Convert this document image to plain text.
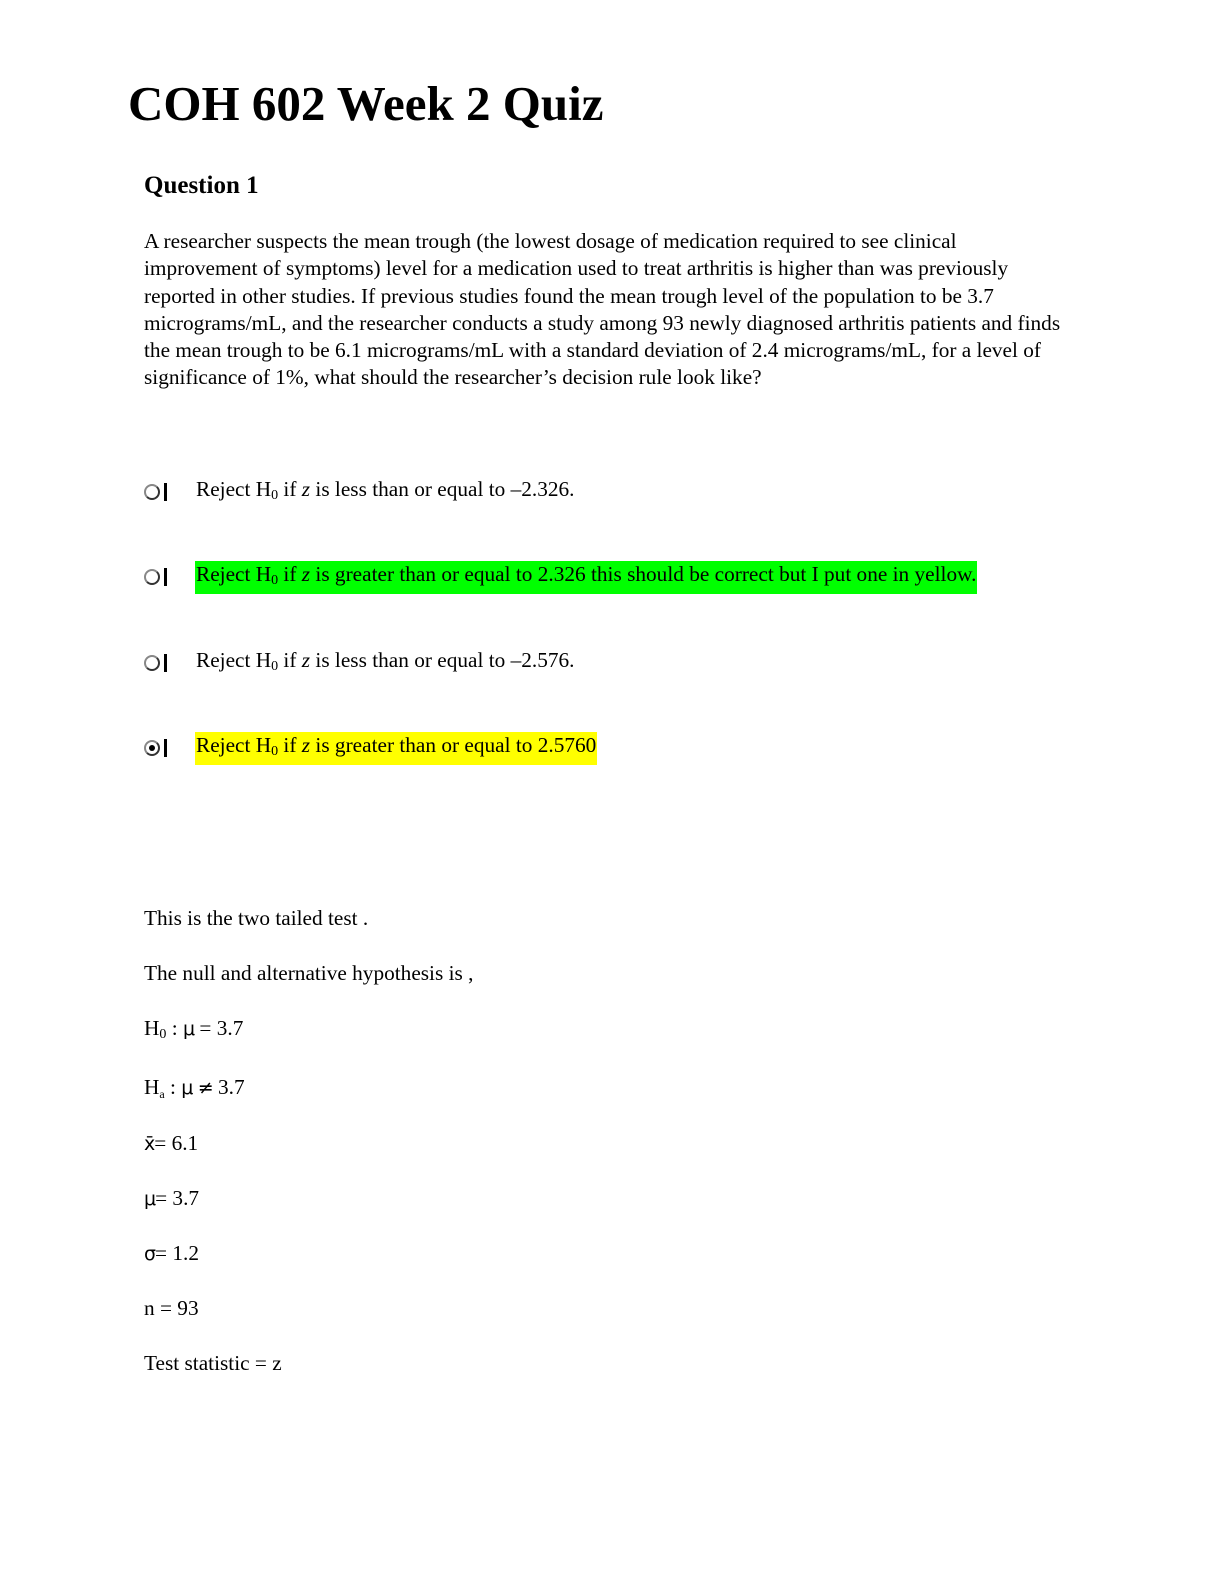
COH 602 Week 2 Quiz
Question 1

A researcher suspects the mean trough (the lowest dosage of medication required to see clinical improvement of symptoms) level for a medication used to treat arthritis is higher than was previously reported in other studies. If previous studies found the mean trough level of the population to be 3.7 micrograms/mL, and the researcher conducts a study among 93 newly diagnosed arthritis patients and finds the mean trough to be 6.1 micrograms/mL with a standard deviation of 2.4 micrograms/mL, for a level of significance of 1%, what should the researcher’s decision rule look like?

Reject $H_0$ if z is less than or equal to –2.326.
Reject $H_0$ if z is greater than or equal to 2.326 this should be correct but I put one in yellow.
Reject $H_0$ if z is less than or equal to –2.576.
Reject $H_0$ if z is greater than or equal to 2.5760
This is the two tailed test .
The null and alternative hypothesis is ,
$H_0$ : μ = 3.7
$H_a$ : μ ≠ 3.7
x̄= 6.1
μ= 3.7
σ= 1.2
n = 93
Test statistic = z
